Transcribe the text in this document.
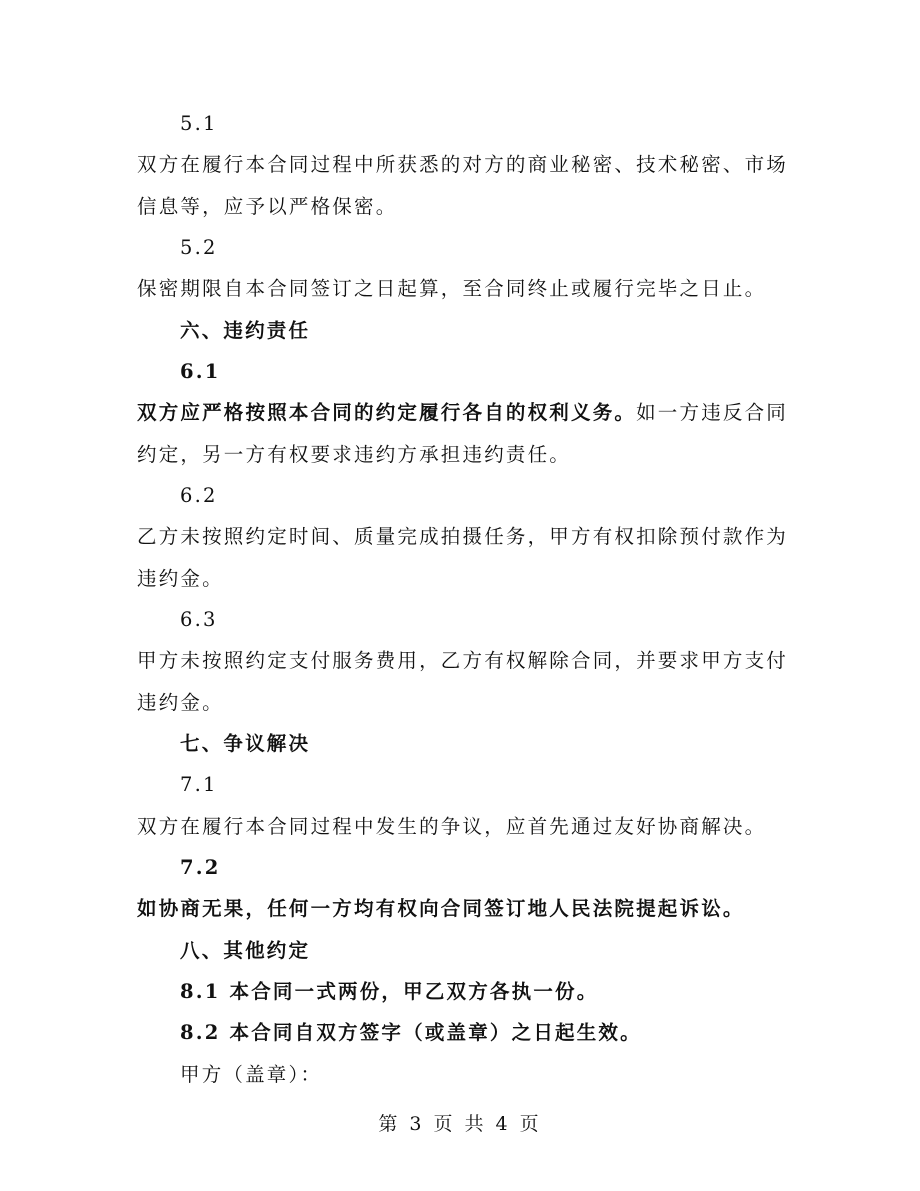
5.1
双方在履行本合同过程中所获悉的对方的商业秘密、技术秘密、市场
信息等，应予以严格保密。
5.2
保密期限自本合同签订之日起算，至合同终止或履行完毕之日止。
六、违约责任
6.1
双方应严格按照本合同的约定履行各自的权利义务。如一方违反合同
约定，另一方有权要求违约方承担违约责任。
6.2
乙方未按照约定时间、质量完成拍摄任务，甲方有权扣除预付款作为
违约金。
6.3
甲方未按照约定支付服务费用，乙方有权解除合同，并要求甲方支付
违约金。
七、争议解决
7.1
双方在履行本合同过程中发生的争议，应首先通过友好协商解决。
7.2
如协商无果，任何一方均有权向合同签订地人民法院提起诉讼。
八、其他约定
8.1 本合同一式两份，甲乙双方各执一份。
8.2 本合同自双方签字（或盖章）之日起生效。
甲方（盖章）：
第 3 页 共 4 页
